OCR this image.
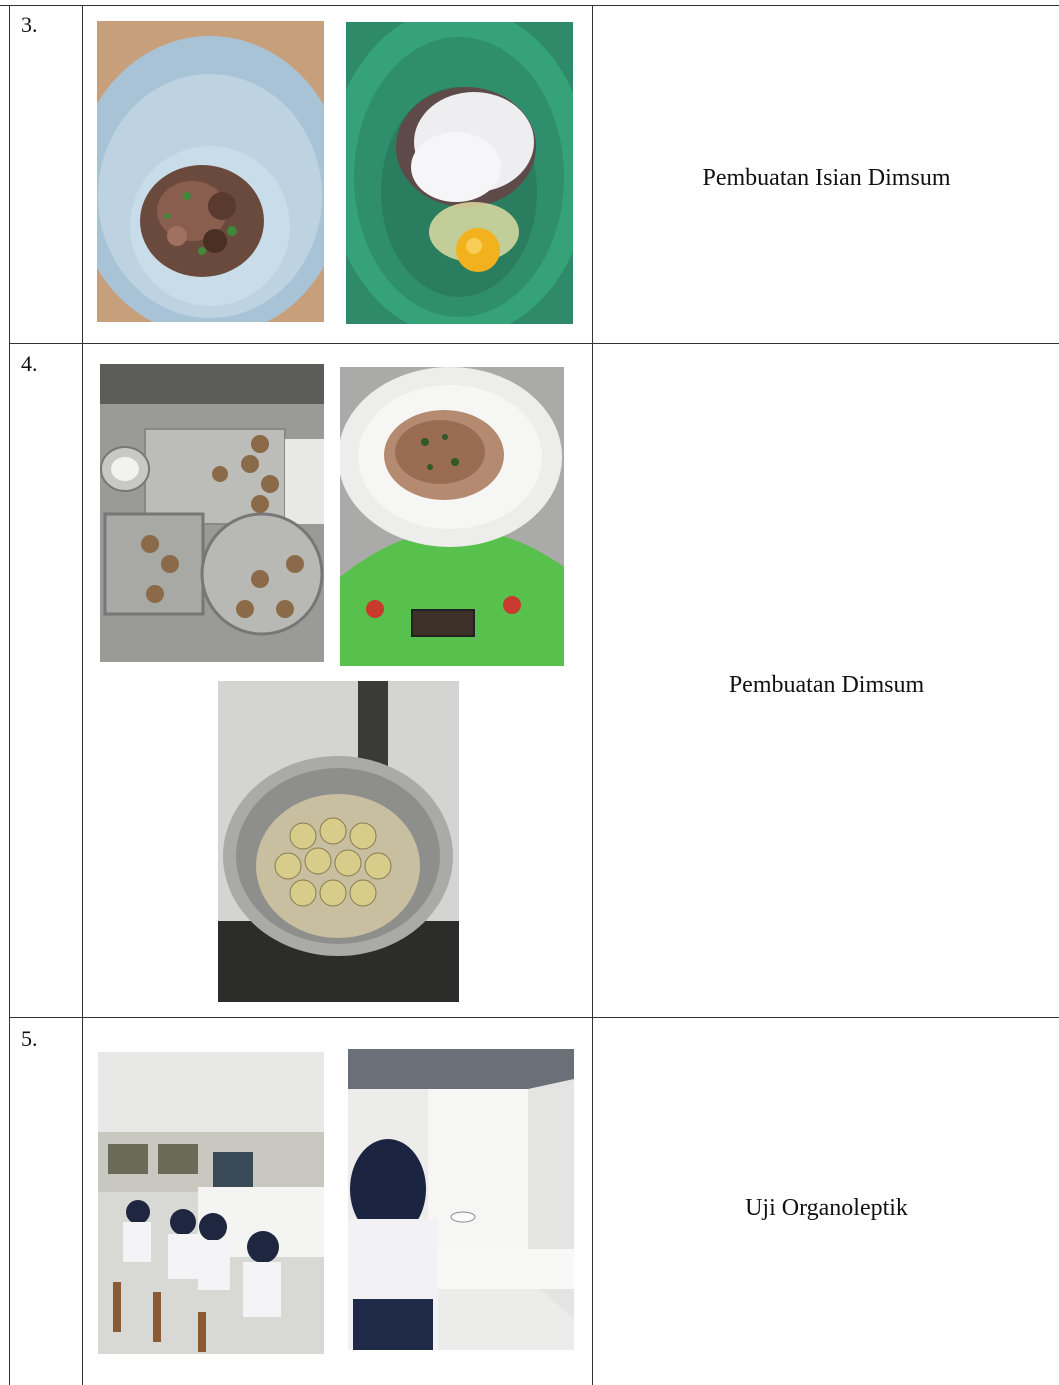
3.
Pembuatan Isian Dimsum
4.
Pembuatan Dimsum
5.
Uji Organoleptik
